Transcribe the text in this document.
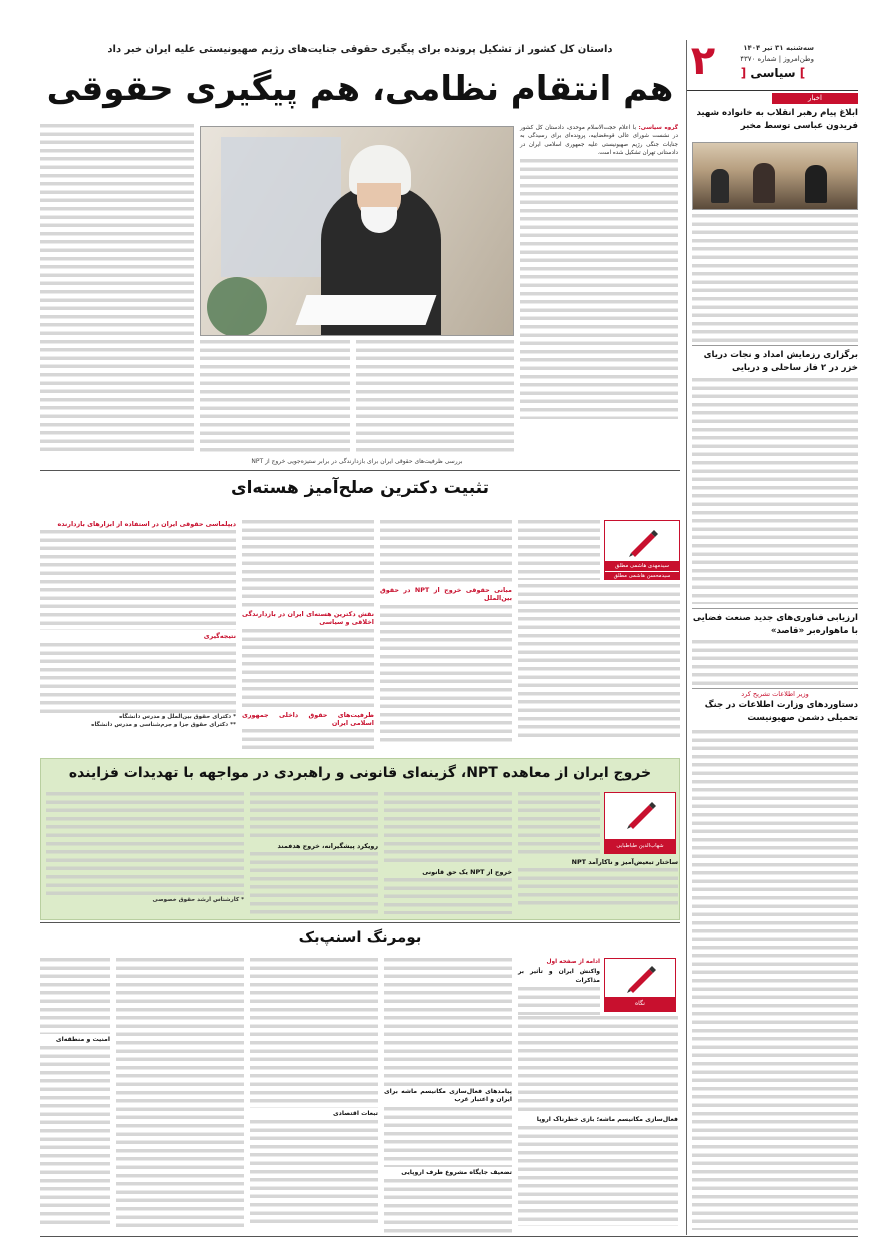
۲	سه‌شنبه ۳۱ تیر ۱۴۰۴
وطن‌امروز | شماره ۴۳۷۰
] سیاسی [
اخبار
ابلاغ پیام رهبر انقلاب به خانواده شهید فریدون عباسی توسط مخبر
برگزاری رزمایش امداد و نجات دریای خزر در ۲ فاز ساحلی و دریایی
ارزیابی فناوری‌های جدید صنعت فضایی با ماهواره‌بر «قاصد»
وزیر اطلاعات تشریح کرد
دستاوردهای وزارت اطلاعات در جنگ تحمیلی دشمن صهیونیست
داستان کل کشور از تشکیل پرونده برای پیگیری حقوقی جنایت‌های رژیم صهیونیستی علیه ایران خبر داد
هم انتقام نظامی، هم پیگیری حقوقی
گروه سیاسی: با اعلام حجت‌الاسلام موحدی، دادستان کل کشور در نشست شورای عالی قوه‌قضاییه، پرونده‌ای برای رسیدگی به جنایات جنگی رژیم صهیونیستی علیه جمهوری اسلامی ایران در دادستانی تهران تشکیل شده است.
بررسی ظرفیت‌های حقوقی ایران برای بازدارندگی در برابر ستیزه‌جویی خروج از NPT
تثبیت دکترین صلح‌آمیز هسته‌ای
سیدمهدی هاشمی مطلق
سیدمحسن هاشمی مطلق
مبانی حقوقی خروج از NPT در حقوق بین‌الملل
نقش دکترین هسته‌ای ایران در بازدارندگی اخلاقی و سیاسی
ظرفیت‌های حقوق داخلی جمهوری اسلامی ایران
دیپلماسی حقوقی ایران در استفاده از ابزارهای بازدارنده
نتیجه‌گیری
* دکترای حقوق بین‌الملل و مدرس دانشگاه
** دکترای حقوق جزا و جرم‌شناسی و مدرس دانشگاه
خروج ایران از معاهده NPT، گزینه‌ای قانونی و راهبردی در مواجهه با تهدیدات فزاینده
شهاب‌الدین طباطبایی
ساختار تبعیض‌آمیز و ناکارآمد NPT
خروج از NPT یک حق قانونی
رویکرد پیشگیرانه، خروج هدفمند
* کارشناس ارشد حقوق خصوصی
بومرنگ اسنپ‌بک
نگاه
ادامه از صفحه اول
واکنش ایران و تأثیر بر مذاکرات
فعال‌سازی مکانیسم ماشه؛ بازی خطرناک اروپا
پیامدهای فعال‌سازی مکانیسم ماشه برای ایران و اعتبار غرب
تضعیف جایگاه مشروع طرف اروپایی
تبعات اقتصادی
امنیت و منطقه‌ای
